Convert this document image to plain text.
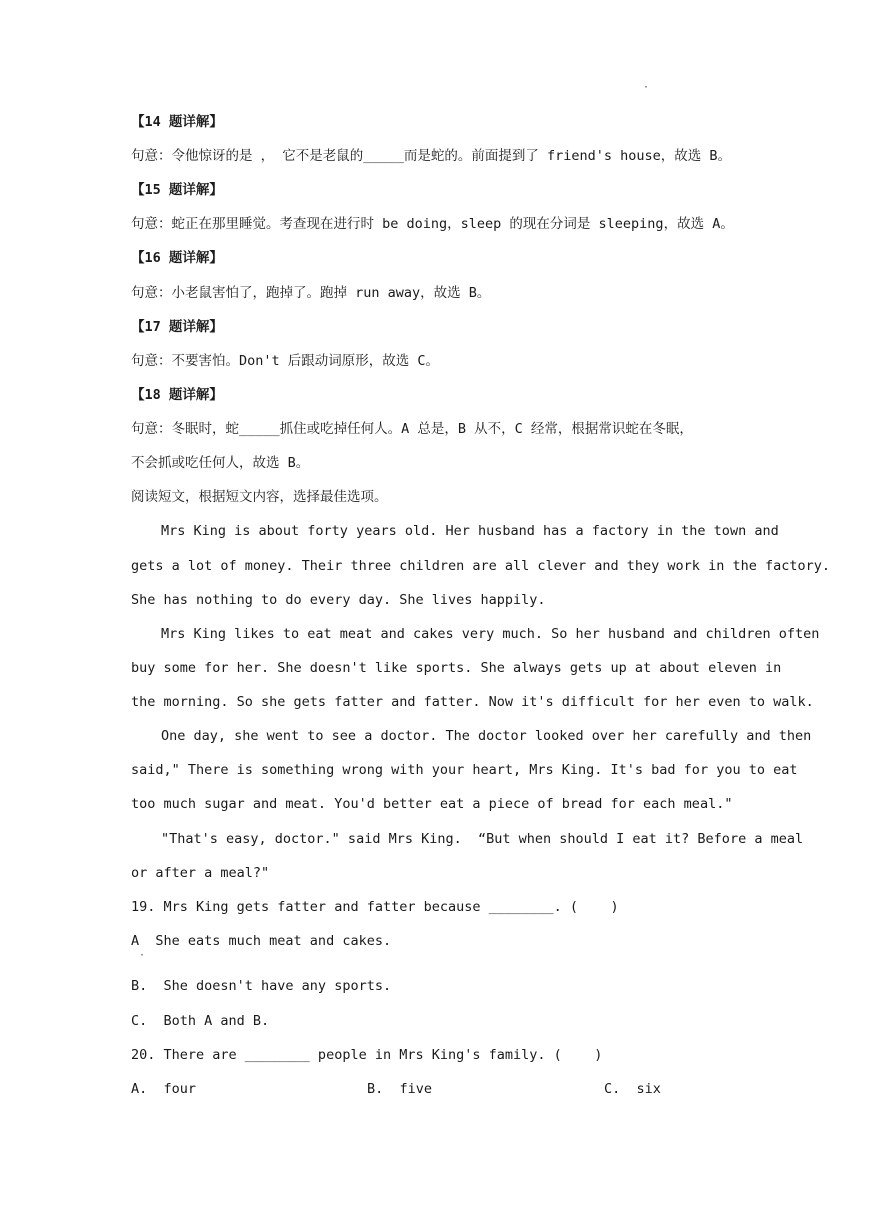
·
【14 题详解】
句意：令他惊讶的是 ， 它不是老鼠的_____而是蛇的。前面提到了 friend's house，故选 B。
【15 题详解】
句意：蛇正在那里睡觉。考查现在进行时 be doing，sleep 的现在分词是 sleeping，故选 A。
【16 题详解】
句意：小老鼠害怕了，跑掉了。跑掉 run away，故选 B。
【17 题详解】
句意：不要害怕。Don't 后跟动词原形，故选 C。
【18 题详解】
句意：冬眠时，蛇_____抓住或吃掉任何人。A 总是，B 从不，C 经常，根据常识蛇在冬眠，
不会抓或吃任何人，故选 B。
阅读短文，根据短文内容，选择最佳选项。
Mrs King is about forty years old. Her husband has a factory in the town and
gets a lot of money. Their three children are all clever and they work in the factory.
She has nothing to do every day. She lives happily.
Mrs King likes to eat meat and cakes very much. So her husband and children often
buy some for her. She doesn't like sports. She always gets up at about eleven in
the morning. So she gets fatter and fatter. Now it's difficult for her even to walk.
One day, she went to see a doctor. The doctor looked over her carefully and then
said," There is something wrong with your heart, Mrs King. It's bad for you to eat
too much sugar and meat. You'd better eat a piece of bread for each meal."
"That's easy, doctor." said Mrs King.  “But when should I eat it? Before a meal
or after a meal?"
19. Mrs King gets fatter and fatter because ________. (    )
A  She eats much meat and cakes.
·
B.  She doesn't have any sports.
C.  Both A and B.
20. There are ________ people in Mrs King's family. (    )
A.  four	B.  five	C.  six
